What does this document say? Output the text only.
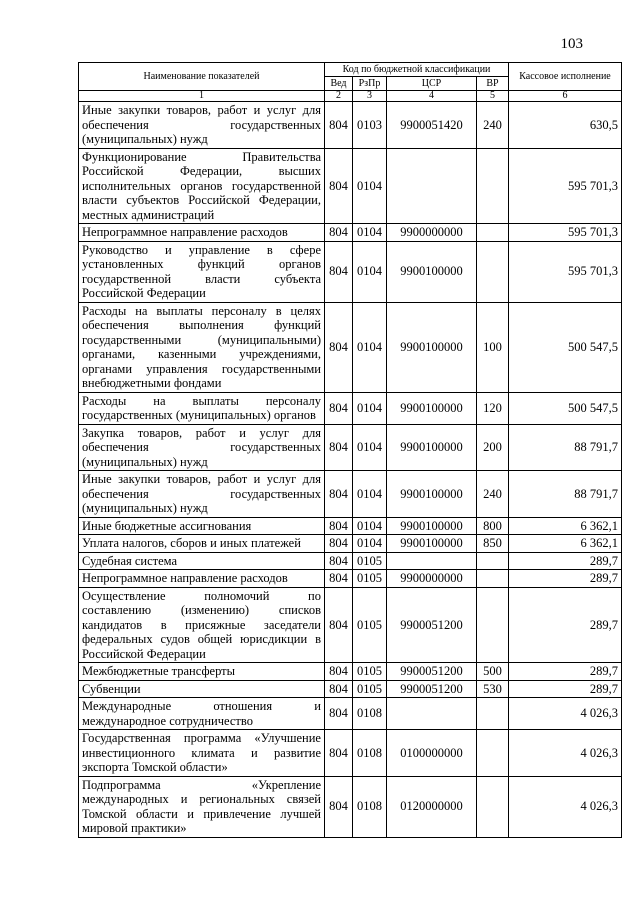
103
Наименование показателей	Код по бюджетной классификации				Кассовое исполнение
	Вед	РзПр	ЦСР	ВР	
1	2	3	4	5	6
Иные закупки товаров, работ и услуг для обеспечения государственных (муниципальных) нужд	804	0103	9900051420	240	630,5
Функционирование Правительства Российской Федерации, высших исполнительных органов государственной власти субъектов Российской Федерации, местных администраций	804	0104			595 701,3
Непрограммное направление расходов	804	0104	9900000000		595 701,3
Руководство и управление в сфере установленных функций органов государственной власти субъекта Российской Федерации	804	0104	9900100000		595 701,3
Расходы на выплаты персоналу в целях обеспечения выполнения функций государственными (муниципальными) органами, казенными учреждениями, органами управления государственными внебюджетными фондами	804	0104	9900100000	100	500 547,5
Расходы на выплаты персоналу государственных (муниципальных) органов	804	0104	9900100000	120	500 547,5
Закупка товаров, работ и услуг для обеспечения государственных (муниципальных) нужд	804	0104	9900100000	200	88 791,7
Иные закупки товаров, работ и услуг для обеспечения государственных (муниципальных) нужд	804	0104	9900100000	240	88 791,7
Иные бюджетные ассигнования	804	0104	9900100000	800	6 362,1
Уплата налогов, сборов и иных платежей	804	0104	9900100000	850	6 362,1
Судебная система	804	0105			289,7
Непрограммное направление расходов	804	0105	9900000000		289,7
Осуществление полномочий по составлению (изменению) списков кандидатов в присяжные заседатели федеральных судов общей юрисдикции в Российской Федерации	804	0105	9900051200		289,7
Межбюджетные трансферты	804	0105	9900051200	500	289,7
Субвенции	804	0105	9900051200	530	289,7
Международные отношения и международное сотрудничество	804	0108			4 026,3
Государственная программа «Улучшение инвестиционного климата и развитие экспорта Томской области»	804	0108	0100000000		4 026,3
Подпрограмма «Укрепление международных и региональных связей Томской области и привлечение лучшей мировой практики»	804	0108	0120000000		4 026,3
